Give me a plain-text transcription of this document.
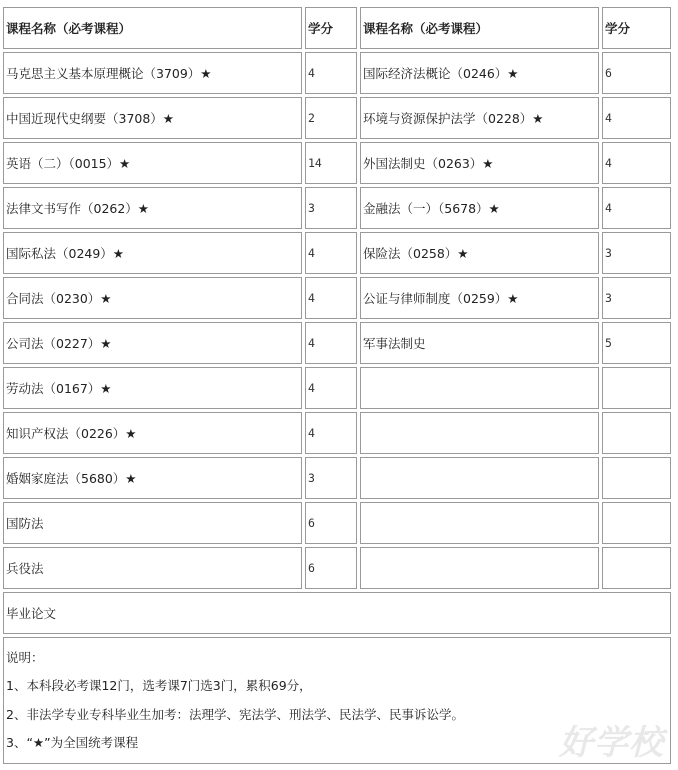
课程名称（必考课程）	学分	课程名称（必考课程）	学分
马克思主义基本原理概论（3709）★	4	国际经济法概论（0246）★	6
中国近现代史纲要（3708）★	2	环境与资源保护法学（0228）★	4
英语（二）（0015）★	14	外国法制史（0263）★	4
法律文书写作（0262）★	3	金融法（一）（5678）★	4
国际私法（0249）★	4	保险法（0258）★	3
合同法（0230）★	4	公证与律师制度（0259）★	3
公司法（0227）★	4	军事法制史	5
劳动法（0167）★	4		
知识产权法（0226）★	4		
婚姻家庭法（5680）★	3		
国防法	6		
兵役法	6		
毕业论文			

说明：
1、本科段必考课12门，选考课7门选3门，累积69分，
2、非法学专业专科毕业生加考：法理学、宪法学、刑法学、民法学、民事诉讼学。
3、“★”为全国统考课程				好学校
